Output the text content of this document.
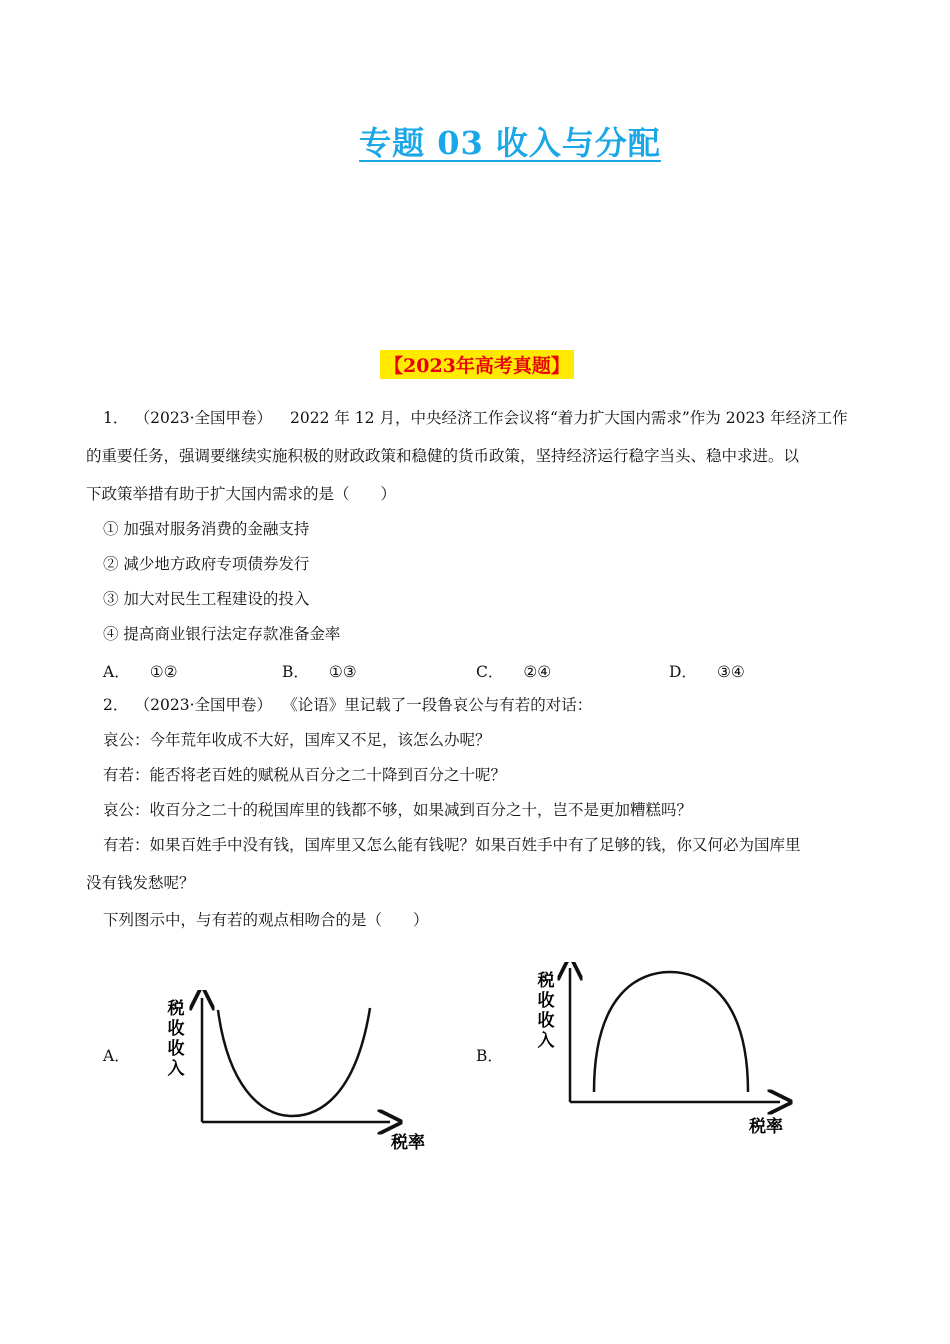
专题 03 收入与分配
【2023年高考真题】
1． （2023·全国甲卷） 2022 年 12 月，中央经济工作会议将“着力扩大国内需求”作为 2023 年经济工作
的重要任务，强调要继续实施积极的财政政策和稳健的货币政策，坚持经济运行稳字当头、稳中求进。以
下政策举措有助于扩大国内需求的是（　　）
① 加强对服务消费的金融支持
② 减少地方政府专项债券发行
③ 加大对民生工程建设的投入
④ 提高商业银行法定存款准备金率
A． ①②	B． ①③	C． ②④	D． ③④
2． （2023·全国甲卷） 《论语》里记载了一段鲁哀公与有若的对话：
哀公：今年荒年收成不大好，国库又不足，该怎么办呢？
有若：能否将老百姓的赋税从百分之二十降到百分之十呢？
哀公：收百分之二十的税国库里的钱都不够，如果减到百分之十，岂不是更加糟糕吗？
有若：如果百姓手中没有钱，国库里又怎么能有钱呢？如果百姓手中有了足够的钱，你又何必为国库里
没有钱发愁呢？
下列图示中，与有若的观点相吻合的是（　　）
A．
税
收
收
入
税率
B．
税
收
收
入
税率
